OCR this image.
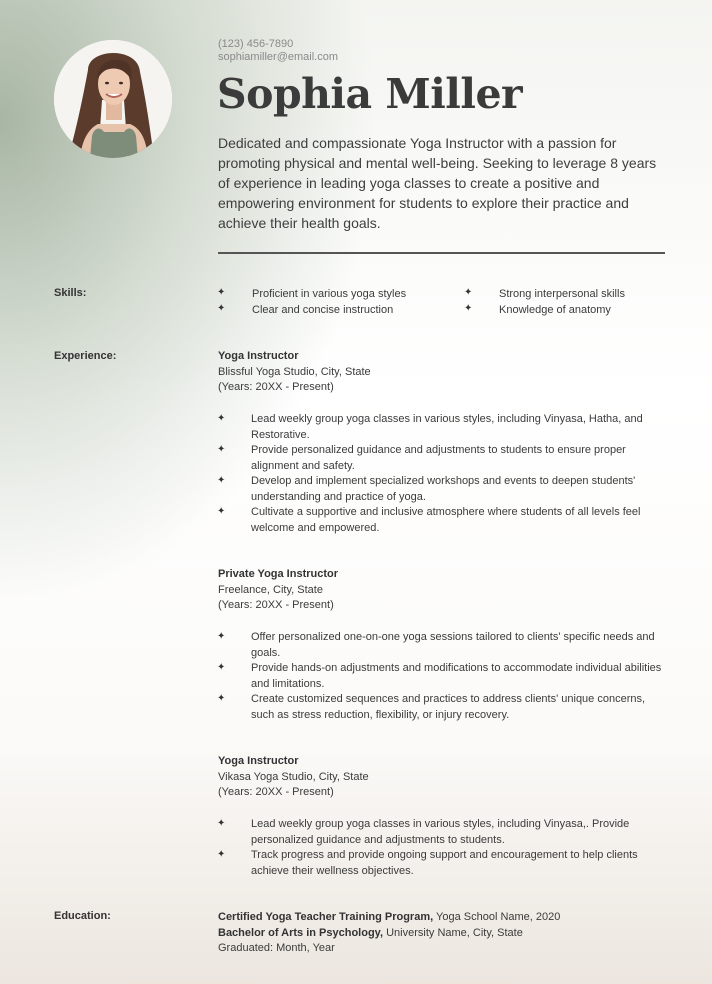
(123) 456-7890
sophiamiller@email.com
Sophia Miller
Dedicated and compassionate Yoga Instructor with a passion for promoting physical and mental well-being. Seeking to leverage 8 years of experience in leading yoga classes to create a positive and empowering environment for students to explore their practice and achieve their health goals.
Skills:	✦ Proficient in various yoga styles
✦ Clear and concise instruction
✦ Strong interpersonal skills
✦ Knowledge of anatomy
Experience:	Yoga Instructor
Blissful Yoga Studio, City, State
(Years: 20XX - Present)
✦ Lead weekly group yoga classes in various styles, including Vinyasa, Hatha, and Restorative.
✦ Provide personalized guidance and adjustments to students to ensure proper alignment and safety.
✦ Develop and implement specialized workshops and events to deepen students' understanding and practice of yoga.
✦ Cultivate a supportive and inclusive atmosphere where students of all levels feel welcome and empowered.
Private Yoga Instructor
Freelance, City, State
(Years: 20XX - Present)
✦ Offer personalized one-on-one yoga sessions tailored to clients' specific needs and goals.
✦ Provide hands-on adjustments and modifications to accommodate individual abilities and limitations.
✦ Create customized sequences and practices to address clients' unique concerns, such as stress reduction, flexibility, or injury recovery.
Yoga Instructor
Vikasa Yoga Studio, City, State
(Years: 20XX - Present)
✦ Lead weekly group yoga classes in various styles, including Vinyasa,. Provide personalized guidance and adjustments to students.
✦ Track progress and provide ongoing support and encouragement to help clients achieve their wellness objectives.
Education:	Certified Yoga Teacher Training Program, Yoga School Name, 2020
Bachelor of Arts in Psychology, University Name, City, State
Graduated: Month, Year
